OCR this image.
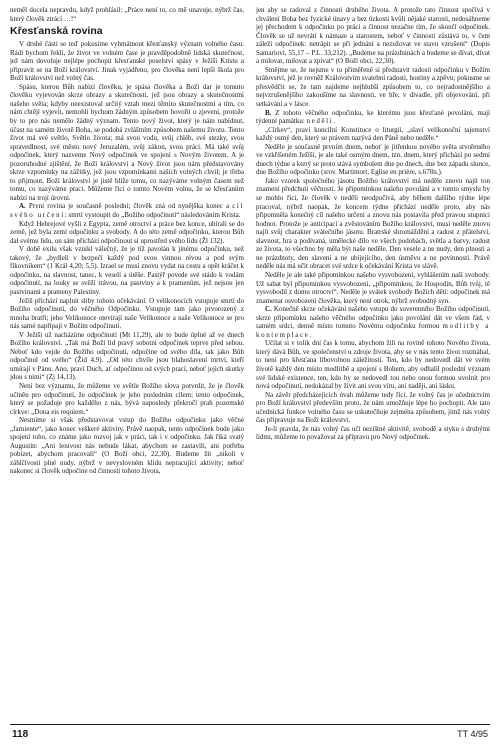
neměl docela nepravdu, když prohlásil: „Práce není to, co mě unavuje, nýbrž čas, který člověk ztrácí …!“

Křesťanská rovina

V druhé části se teď pokusíme vyhmátnout křesťanský význam volného času. Rádi bychom řekli, že život ve volném čase je pravděpodobně lidská skutečnost, jež nám dovoluje nejlépe pochopit křesťanské poselství spásy v Ježíši Kristu a připravit se na Boží království. Jinak vyjádřeno, pro člověka není lepší škola pro Boží království než volný čas.

Spásu, kterou Bůh nabízí člověku, je spása člověka a Boží dar je tomuto člověku vyjevován skrze obrazy a skutečnosti, jež jsou obrazy a skutečnostmi našeho světa; kdyby neexistoval určitý vztah mezi těmito skutečnostmi a tím, co nám chtějí vyjevit, nemohli bychom žádným způsobem hovořit o zjevení, protože by to pro nás nemělo žádný význam. Tento nový život, který je nám nabídnut, účast na samém životě Boha, se podobá zvláštním způsobem našemu životu. Tento život má své světlo, Světlo života; má svou vodu, svůj chléb, své stezky, svou spravedlnost, své město nový Jeruzalém, svůj zákon, svou práci. Má také svůj odpočinek, který nazveme Nový odpočinek ve spojení s Novým životem. A je pozoruhodné zjištění, že Boží království a Nový život jsou nám představovány skrze vzpomínky na zážitky, jež jsou vzpomínkami našich volných chvil; je třeba to přijmout, Boží království je jistě blíže tomu, co nazýváme volným časem než tomu, co nazýváme prací. Můžeme říci o tomto Novém volnu, že se křesťanům nabízí na trojí úrovni.

A. První rovina je současně poslední; člověk zná od nynějška konec a cíl svého určení: smrtí vystoupit do „Božího odpočinutí“ následováním Krista.

Když Hebrejové vyšli z Egypta, země otroctví a práce bez konce, ubírali se do země, jež byla zemí odpočinku a svobody. A do této země odpočinku, kterou Bůh dal svému lidu, on sám přichází odpočinout si uprostřed svého lidu (Žl 132).

V době exilu však vznikl válečný, že je tíž pavolán k jinému odpočinku, než takový, že „bydleli v bezpečí každý pod svou vinnou révou a pod svým fíkovníkem“ (1 Král 4,20; 5,5). Izrael se musí znovu vydat na cestu a opět kráčet k odpočinku, na slavnost, tanec, k veselí a útěše. Pastýř povede své stádo k vodám odpočinutí, na louky se svěží trávou, na pastviny a k pramenům, jež nejsou jen pastvinami a prameny Palestiny.

Ježíš přichází naplnit sliby tohoto očekávání. O velikonocích vstupuje smrtí do Božího odpočinutí, do věčného Odpočinku. Vstupuje tam jako prvorozený z mnoha bratří; jeho Velikonoce otevírají naše Velikonoce a naše Velikonoce se pro nás samé napřípají v Božím odpočinutí.

V Ježíši už nacházíme odpočinutí (Mt 11,29), ale to bude úplné až ve dnech Božího království. „Tak má Boží lid pravý sobotní odpočinek teprve před sebou. Neboť kdo vejde do Božího odpočinutí, odpočine od svého díla, tak jako Bůh odpočinul od svého“ (Žid 4,9). „Od této chvíle jsou blahoslavení mrtví, kteří umírají v Pánu. Ano, praví Duch, ať odpočinou od svých prací, neboť jejich skutky jdou s nimi“ (Zj 14,13).

Není bez významu, že můžeme ve světle Božího slova potvrdit, že je člověk učiněn pro odpočinutí, že odpočinek je jeho posledním cílem; tento odpočinek, který se požaduje pro každého z nás, bývá naposledy překročí prah pozemské církve: „Dona eis requiem.“

Nesmíme si však představovat vstup do Božího odpočinku jako věčné „farniente“, jako konec veškeré aktivity. Právě naopak, tento odpočinek bude jako spojení toho, co známe jako rozvoj jak v práci, tak i v odpočinku. Jak říká svatý Augustin: „Ani lenivost nás nebude lákat, abychom se zastavili, ani potřeba pobízet, abychom pracovali“ (O Boží obci, 22,30). Budeme žít „nikoli v záhlčívosti plné nudy, nýbrž v nevyslovném klidu nepracující aktivity; neboť nakonec si člověk odpočine od činnosti tohoto života,

jen aby se radoval z činnosti druhého života. A protože tato činnost spočívá v chválení Boha bez fyzické únavy a bez úzkosti kvůli nějaké starosti, nedosáhneme jej přechodem k odpočinku po práci a činnost nezačne tím, že skončí odpočinek. Člověk se už nevrátí k námaze a starostem, neboť v činnosti zůstává to, v čem záleží odpočinek: netrápit se při jednání a nezužovat ve stavu vzrušení“ (Dopis Samariovi, 55,17 – P.L. 33,212). „Budeme na prázdninách a budeme se dívat, dívat a milovat, milovat a zpívat“ (O Boží obci, 22,30).

Smějme se, že nejsme v to přiměřeně si představit radosti odpočinku v Božím království, jež je rovněž Královstvím svatební radosti, hostiny a zpěvu; pokusme se přesvědčit se, že tam najdeme nejhlubší způsobem to, co nejradostnějšího a nejvzrušenějšího zakoušíme na slavnosti, ve hře, v divadle, při objevování, při setkávání a v lásce.

B. Z tohoto věčného odpočinku, ke kterému jsou křesťané povoláni, mají týdenní památku: neděli.

„Církev“, praví koncilní Konstituce o liturgii, „slaví velikonoční tajemství každý osmý den, který se právem nazývá den Páně nebo neděle.“

Neděle je současně prvním dnem, neboť je jitřenkou nového světa stvořeného ve vzkříšeném Ježíši, je ale také osmým dnem, tzn. dnem, který přichází po sedmi dnech týdne a který se proto stává symbolem dne po dnech, dne bez západu slunce, dne Božího odpočinku (srov. Martimort, Eglise en prière, s.678n.).

Jako vzorek společného jásotu Božího království má neděle znovu najít ton znamení předchutí věčnosti. Je připomínkou našeho povolání a v tomto smyslu by se mohlo říci, že člověk v neděli neodpočívá, aby během dalšího týdne lépe pracoval, nýbrž naopak, že koncem týdne přichází neděle proto, aby nás připomněla konečný cíl našeho určení a znovu nás postavila před pravou stupnici hodnot. Protože je anticipací a zvěstováním Božího království, musí neděle znovu najít svůj charakter svátečního jásotu. Bratrské shromáždění a radost z přátelství, slavnost, hra a podívaná, umělecké dílo ve všech podobách, světla a barvy, radost ze života, to všechno by měla být naše neděle. Den vesele a ne nudy, den plnosti a ne prázdnoty, den slavení a ne ubíjejícího, den úsměvu a ne povinnosti. Právě neděle nás má učit obracet své srdce k očekávání Krista ve slávě.

Neděle je ale také připomínkou našeho vysvobození, vyhlášením naší svobody. Už sabat byl připomínkou vysvobození, „připomínkou, že Hospodin, Bůh tvůj, tě vysvobodil z domu otroctví“. Neděle je svátek svobody Božích dětí: odpočinek má znamenat osvobození člověka, který není otrok, nýbrž svobodný syn.

C. Konečně skrze očekávání našeho vstupu do suverenního Božího odpočinutí, skrze připomínku našeho věčného odpočinku jako povolání dát ve všem řád, v samém srdci, denně místo tomuto Novému odpočinku formou modlitby a kontemplace.

Učilat si v tolik dní čas k tomu, abychom žili na rovině tohoto Nového života, který dává Bůh, ve společenství u zdroje života, aby se v nás tento život rozmáhal, to není pro křesťana libovolnou záležitostí. Ten, kdo by nedovedl dát ve svém životě každý den místo modlitbě a spojení s Bohem, aby odhalil poslední význam své lidské existence, ten, kdo by se nedovedl tou nebo onou formou uvolnit pro nová odpočinutí, nedokázal by žívit ani svou víru, ani naději, ani lásku.

Na závěr předcházejících úvah můžeme tedy říci, že volný čas je učednictvím pro Boží království především proto, že nám umožňuje lépe ho pochopit. Ale tato učednická funkce volného času se uskutečňuje zejména způsobem, jímž nás volný čas připravuje na Boží království.

Je-li pravda, že nás volný čas učí nezištné aktivitě, svobodě a styku s druhými lidmi, můžeme to považovat za přípravu pro Nový odpočinek.

118	TT 4/95
